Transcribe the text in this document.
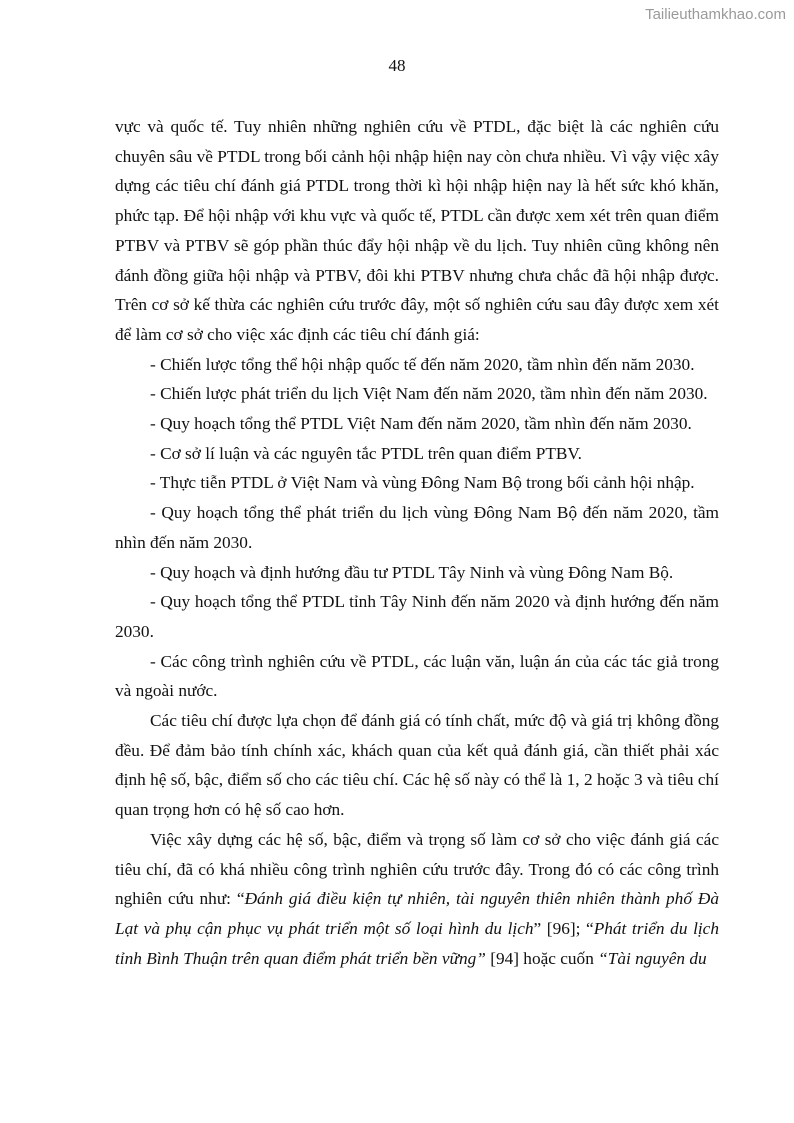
Tailieuthamkhao.com
48

vực và quốc tế. Tuy nhiên những nghiên cứu về PTDL, đặc biệt là các nghiên cứu chuyên sâu về PTDL trong bối cảnh hội nhập hiện nay còn chưa nhiều. Vì vậy việc xây dựng các tiêu chí đánh giá PTDL trong thời kì hội nhập hiện nay là hết sức khó khăn, phức tạp. Để hội nhập với khu vực và quốc tế, PTDL cần được xem xét trên quan điểm PTBV và PTBV sẽ góp phần thúc đẩy hội nhập về du lịch. Tuy nhiên cũng không nên đánh đồng giữa hội nhập và PTBV, đôi khi PTBV nhưng chưa chắc đã hội nhập được. Trên cơ sở kế thừa các nghiên cứu trước đây, một số nghiên cứu sau đây được xem xét để làm cơ sở cho việc xác định các tiêu chí đánh giá:

- Chiến lược tổng thể hội nhập quốc tế đến năm 2020, tầm nhìn đến năm 2030.

- Chiến lược phát triển du lịch Việt Nam đến năm 2020, tầm nhìn đến năm 2030.

- Quy hoạch tổng thể PTDL Việt Nam đến năm 2020, tầm nhìn đến năm 2030.

- Cơ sở lí luận và các nguyên tắc PTDL trên quan điểm PTBV.

- Thực tiễn PTDL ở Việt Nam và vùng Đông Nam Bộ trong bối cảnh hội nhập.

- Quy hoạch tổng thể phát triển du lịch vùng Đông Nam Bộ đến năm 2020, tầm nhìn đến năm 2030.

- Quy hoạch và định hướng đầu tư PTDL Tây Ninh và vùng Đông Nam Bộ.

- Quy hoạch tổng thể PTDL tỉnh Tây Ninh đến năm 2020 và định hướng đến năm 2030.

- Các công trình nghiên cứu về PTDL, các luận văn, luận án của các tác giả trong và ngoài nước.

Các tiêu chí được lựa chọn để đánh giá có tính chất, mức độ và giá trị không đồng đều. Để đảm bảo tính chính xác, khách quan của kết quả đánh giá, cần thiết phải xác định hệ số, bậc, điểm số cho các tiêu chí. Các hệ số này có thể là 1, 2 hoặc 3 và tiêu chí quan trọng hơn có hệ số cao hơn.

Việc xây dựng các hệ số, bậc, điểm và trọng số làm cơ sở cho việc đánh giá các tiêu chí, đã có khá nhiều công trình nghiên cứu trước đây. Trong đó có các công trình nghiên cứu như: “Đánh giá điều kiện tự nhiên, tài nguyên thiên nhiên thành phố Đà Lạt và phụ cận phục vụ phát triển một số loại hình du lịch” [96]; “Phát triển du lịch tỉnh Bình Thuận trên quan điểm phát triển bền vững” [94] hoặc cuốn “Tài nguyên du
